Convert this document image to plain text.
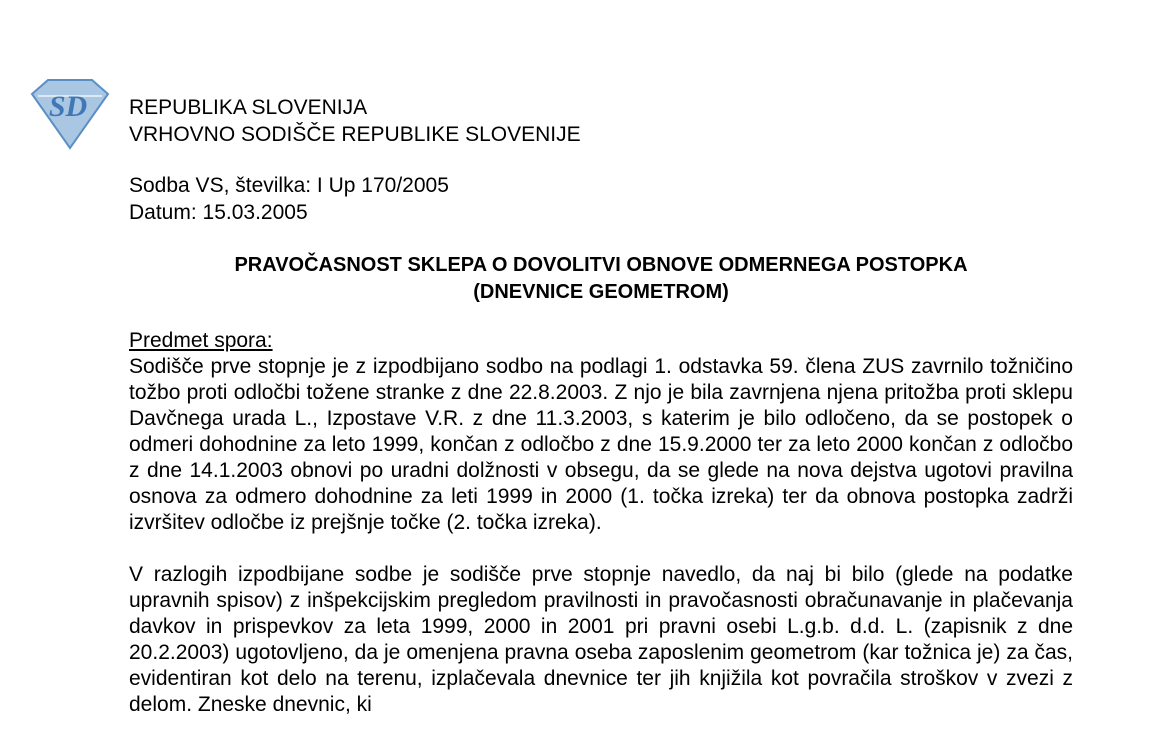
SD REPUBLIKA SLOVENIJA
VRHOVNO SODIŠČE REPUBLIKE SLOVENIJE
Sodba VS, številka: I Up 170/2005
Datum: 15.03.2005
PRAVOČASNOST SKLEPA O DOVOLITVI OBNOVE ODMERNEGA POSTOPKA
(DNEVNICE GEOMETROM)
Predmet spora:

Sodišče prve stopnje je z izpodbijano sodbo na podlagi 1. odstavka 59. člena ZUS zavrnilo tožničino tožbo proti odločbi tožene stranke z dne 22.8.2003. Z njo je bila zavrnjena njena pritožba proti sklepu Davčnega urada L., Izpostave V.R. z dne 11.3.2003, s katerim je bilo odločeno, da se postopek o odmeri dohodnine za leto 1999, končan z odločbo z dne 15.9.2000 ter za leto 2000 končan z odločbo z dne 14.1.2003 obnovi po uradni dolžnosti v obsegu, da se glede na nova dejstva ugotovi pravilna osnova za odmero dohodnine za leti 1999 in 2000 (1. točka izreka) ter da obnova postopka zadrži izvršitev odločbe iz prejšnje točke (2. točka izreka).

V razlogih izpodbijane sodbe je sodišče prve stopnje navedlo, da naj bi bilo (glede na podatke upravnih spisov) z inšpekcijskim pregledom pravilnosti in pravočasnosti obračunavanje in plačevanja davkov in prispevkov za leta 1999, 2000 in 2001 pri pravni osebi L.g.b. d.d. L. (zapisnik z dne 20.2.2003) ugotovljeno, da je omenjena pravna oseba zaposlenim geometrom (kar tožnica je) za čas, evidentiran kot delo na terenu, izplačevala dnevnice ter jih knjižila kot povračila stroškov v zvezi z delom. Zneske dnevnic, ki
